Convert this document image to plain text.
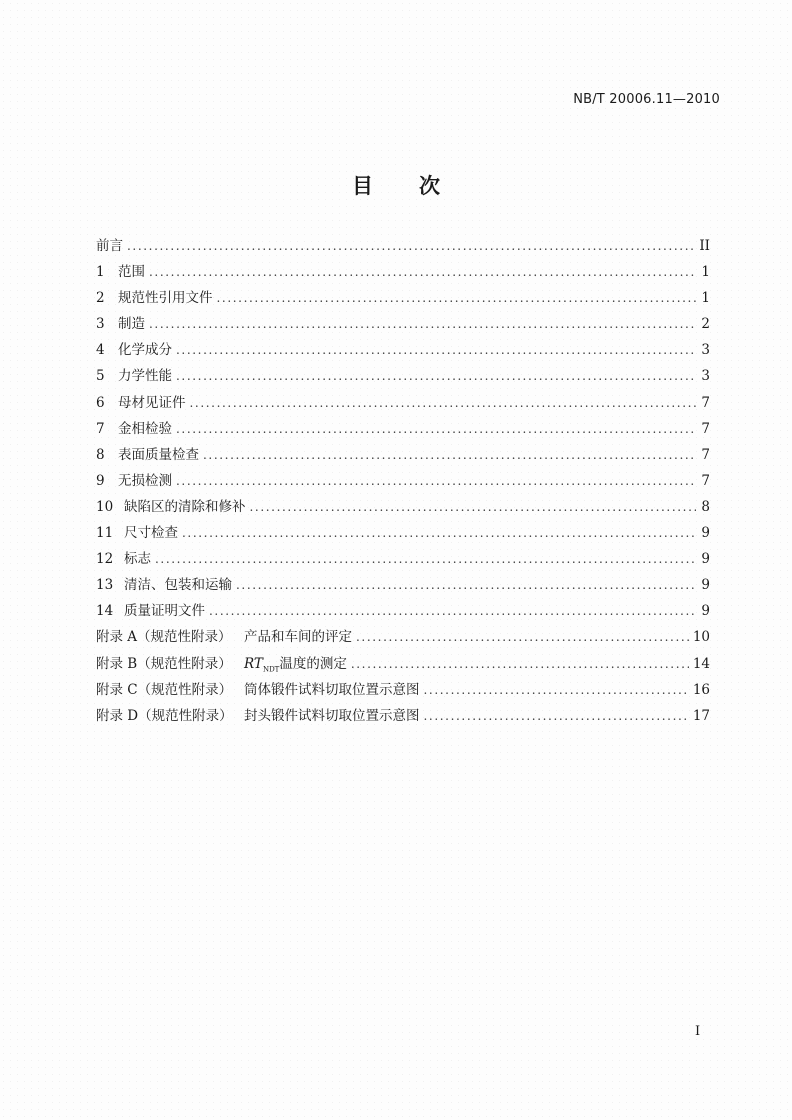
NB/T 20006.11—2010
目 次
前言 .....	II
1 范围 .....	1
2 规范性引用文件 .....	1
3 制造 .....	2
4 化学成分 .....	3
5 力学性能 .....	3
6 母材见证件 .....	7
7 金相检验 .....	7
8 表面质量检查 .....	7
9 无损检测 .....	7
10 缺陷区的清除和修补 .....	8
11 尺寸检查 .....	9
12 标志 .....	9
13 清洁、包装和运输 .....	9
14 质量证明文件 .....	9
附录 A（规范性附录） 产品和车间的评定 .....	10
附录 B（规范性附录） $RT_{NDT}$ 温度的测定 .....	14
附录 C（规范性附录） 筒体锻件试料切取位置示意图 .....	16
附录 D（规范性附录） 封头锻件试料切取位置示意图 .....	17
I
